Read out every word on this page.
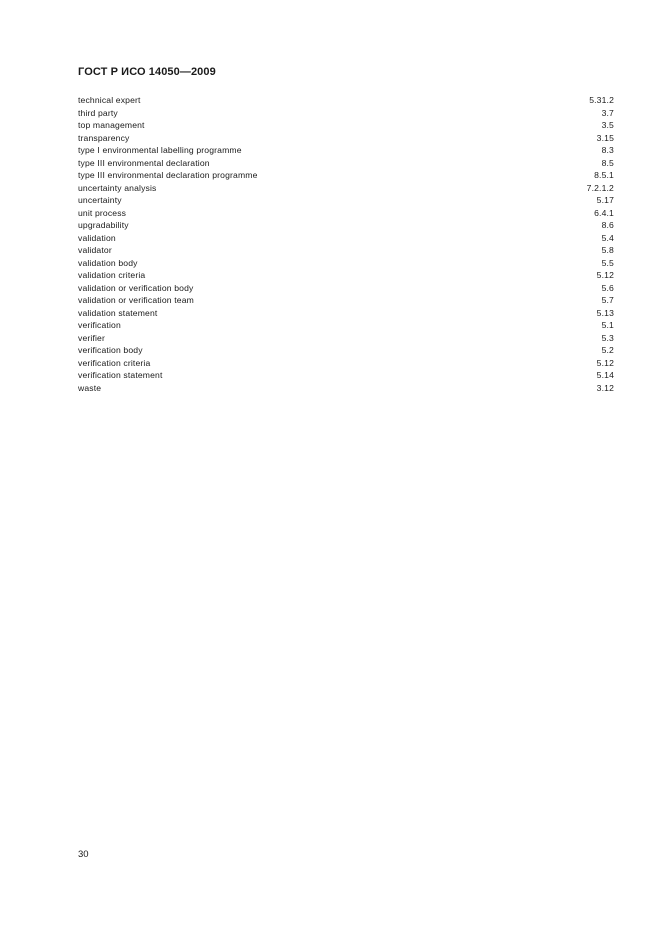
ГОСТ Р ИСО 14050—2009
technical expert	5.31.2
third party	3.7
top management	3.5
transparency	3.15
type I environmental labelling programme	8.3
type III environmental declaration	8.5
type III environmental declaration programme	8.5.1
uncertainty analysis	7.2.1.2
uncertainty	5.17
unit process	6.4.1
upgradability	8.6
validation	5.4
validator	5.8
validation body	5.5
validation criteria	5.12
validation or verification body	5.6
validation or verification team	5.7
validation statement	5.13
verification	5.1
verifier	5.3
verification body	5.2
verification criteria	5.12
verification statement	5.14
waste	3.12
30
